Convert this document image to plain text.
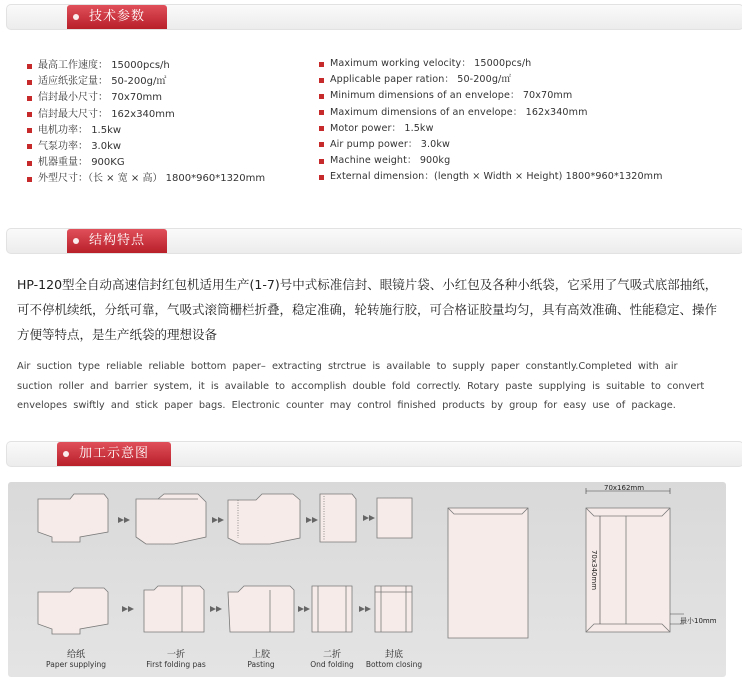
技术参数
最高工作速度： 15000pcs/h
适应纸张定量： 50-200g/㎡
信封最小尺寸： 70x70mm
信封最大尺寸： 162x340mm
电机功率： 1.5kw
气泵功率： 3.0kw
机器重量： 900KG
外型尺寸：（长 × 宽 × 高） 1800*960*1320mm
Maximum working velocity： 15000pcs/h
Applicable paper ration： 50-200g/㎡
Minimum dimensions of an envelope： 70x70mm
Maximum dimensions of an envelope： 162x340mm
Motor power： 1.5kw
Air pump power： 3.0kw
Machine weight： 900kg
External dimension：(length × Width × Height) 1800*960*1320mm
结构特点

HP-120型全自动高速信封红包机适用生产(1-7)号中式标准信封、眼镜片袋、小红包及各种小纸袋，它采用了气吸式底部抽纸，可不停机续纸，分纸可靠，气吸式滚筒栅栏折叠，稳定准确，轮转施行胶，可合格证胶量均匀，具有高效准确、性能稳定、操作方便等特点，是生产纸袋的理想设备

Air suction type reliable reliable bottom paper– extracting strctrue is available to supply paper constantly.Completed with air suction roller and barrier system, it is available to accomplish double fold correctly. Rotary paste supplying is suitable to convert envelopes swiftly and stick paper bags. Electronic counter may control finished products by group for easy use of package.

加工示意图
70x162mm
70x340mm
最小10mm
给纸
Paper supplying
一折
First folding pas
上胶
Pasting
二折
Ond folding
封底
Bottom closing
